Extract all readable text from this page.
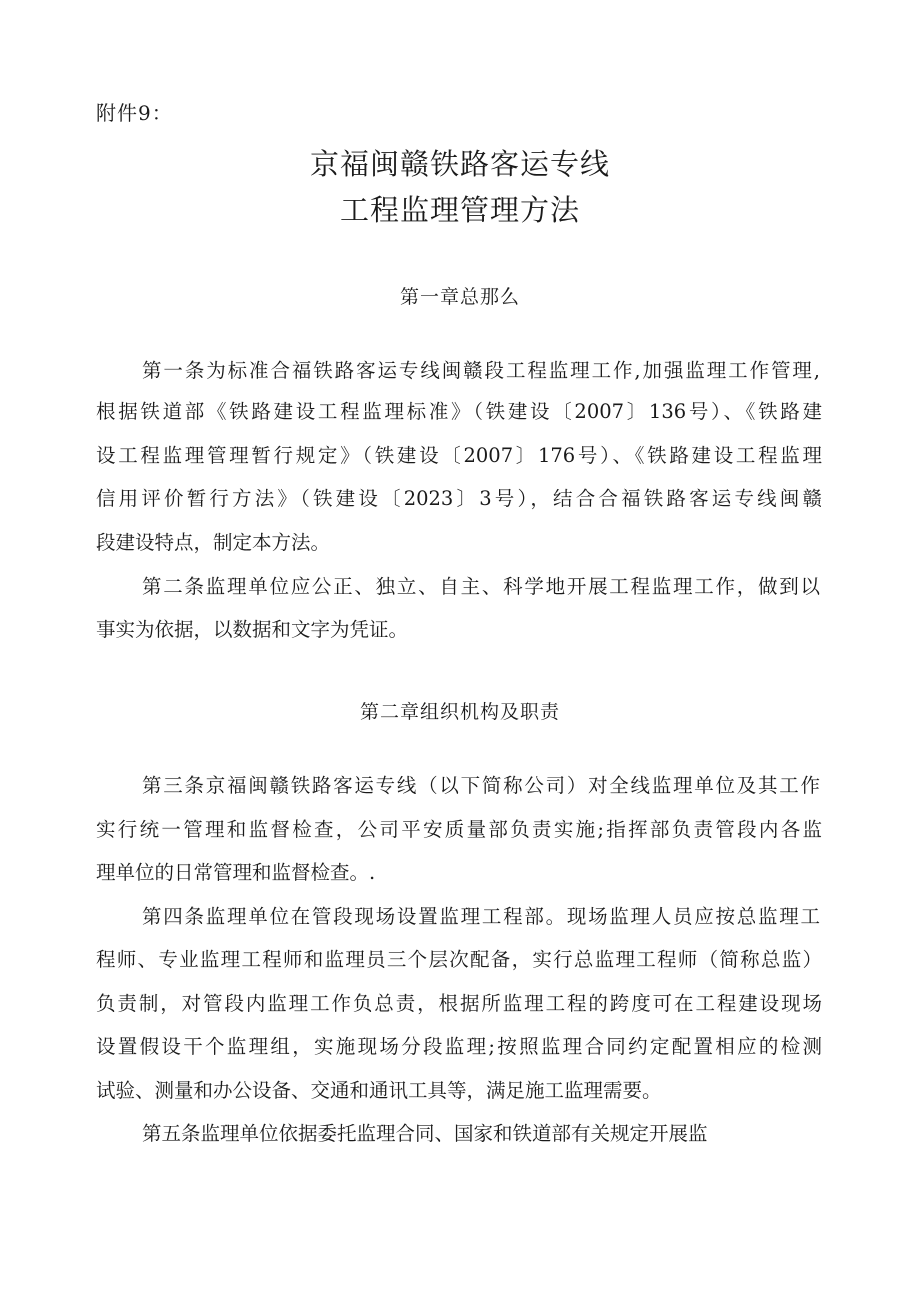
附件9：
京福闽赣铁路客运专线
工程监理管理方法
第一章总那么
第一条为标准合福铁路客运专线闽赣段工程监理工作,加强监理工作管理,
根据铁道部《铁路建设工程监理标准》（铁建设〔2007〕136号）、《铁路建
设工程监理管理暂行规定》（铁建设〔2007〕176号）、《铁路建设工程监理
信用评价暂行方法》（铁建设〔2023〕3号），结合合福铁路客运专线闽赣
段建设特点，制定本方法。
第二条监理单位应公正、独立、自主、科学地开展工程监理工作，做到以
事实为依据，以数据和文字为凭证。
第二章组织机构及职责
第三条京福闽赣铁路客运专线（以下简称公司）对全线监理单位及其工作
实行统一管理和监督检查，公司平安质量部负责实施;指挥部负责管段内各监
理单位的日常管理和监督检查。.
第四条监理单位在管段现场设置监理工程部。现场监理人员应按总监理工
程师、专业监理工程师和监理员三个层次配备，实行总监理工程师（简称总监）
负责制，对管段内监理工作负总责，根据所监理工程的跨度可在工程建设现场
设置假设干个监理组，实施现场分段监理;按照监理合同约定配置相应的检测
试验、测量和办公设备、交通和通讯工具等，满足施工监理需要。
第五条监理单位依据委托监理合同、国家和铁道部有关规定开展监
